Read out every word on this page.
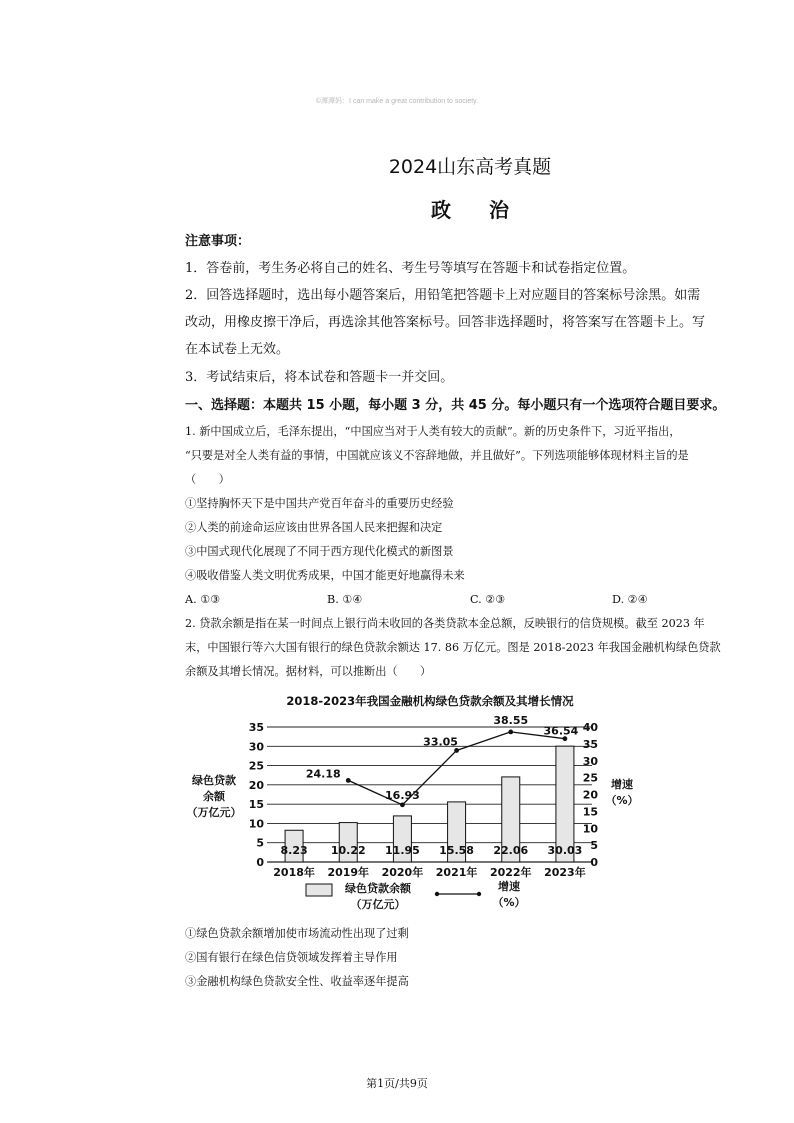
©潭潭妈：I can make a great contribution to society.
2024山东高考真题
政 治
注意事项：
1．答卷前，考生务必将自己的姓名、考生号等填写在答题卡和试卷指定位置。
2．回答选择题时，选出每小题答案后，用铅笔把答题卡上对应题目的答案标号涂黑。如需
改动，用橡皮擦干净后，再选涂其他答案标号。回答非选择题时，将答案写在答题卡上。写
在本试卷上无效。
3．考试结束后，将本试卷和答题卡一并交回。
一、选择题：本题共 15 小题，每小题 3 分，共 45 分。每小题只有一个选项符合题目要求。
1. 新中国成立后，毛泽东提出，“中国应当对于人类有较大的贡献”。新的历史条件下，习近平指出，
“只要是对全人类有益的事情，中国就应该义不容辞地做，并且做好”。下列选项能够体现材料主旨的是
（　　）
①坚持胸怀天下是中国共产党百年奋斗的重要历史经验
②人类的前途命运应该由世界各国人民来把握和决定
③中国式现代化展现了不同于西方现代化模式的新图景
④吸收借鉴人类文明优秀成果，中国才能更好地赢得未来
A. ①③	B. ①④	C. ②③	D. ②④
2. 贷款余额是指在某一时间点上银行尚未收回的各类贷款本金总额，反映银行的信贷规模。截至 2023 年
末，中国银行等六大国有银行的绿色贷款余额达 17. 86 万亿元。图是 2018-2023 年我国金融机构绿色贷款
余额及其增长情况。据材料，可以推断出（　　）
2018-2023年我国金融机构绿色贷款余额及其增长情况
0
5
10
15
20
25
30
35
0
5
10
15
20
25
30
35
40
绿色贷款
余额
（万亿元）
增速
（%）
8.23 10.22 11.95 15.58 22.06 30.03
2018年 2019年 2020年 2021年 2022年 2023年
24.18
16.93
33.05
38.55
36.54
绿色贷款余额
（万亿元）
增速
（%）
①绿色贷款余额增加使市场流动性出现了过剩
②国有银行在绿色信贷领域发挥着主导作用
③金融机构绿色贷款安全性、收益率逐年提高
第1页/共9页
